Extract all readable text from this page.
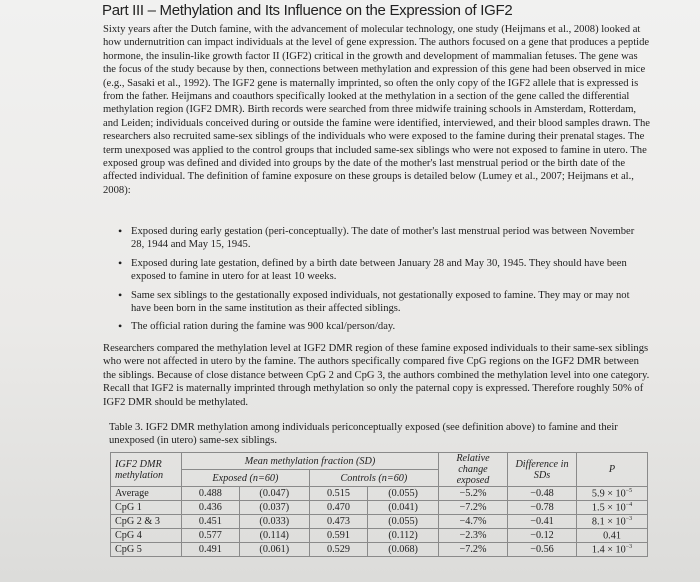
Part III – Methylation and Its Influence on the Expression of IGF2

Sixty years after the Dutch famine, with the advancement of molecular technology, one study (Heijmans et al., 2008) looked at how undernutrition can impact individuals at the level of gene expression. The authors focused on a gene that produces a peptide hormone, the insulin-like growth factor II (IGF2) critical in the growth and development of mammalian fetuses. The gene was the focus of the study because by then, connections between methylation and expression of this gene had been observed in mice (e.g., Sasaki et al., 1992). The IGF2 gene is maternally imprinted, so often the only copy of the IGF2 allele that is expressed is from the father. Heijmans and coauthors specifically looked at the methylation in a section of the gene called the differential methylation region (IGF2 DMR). Birth records were searched from three midwife training schools in Amsterdam, Rotterdam, and Leiden; individuals conceived during or outside the famine were identified, interviewed, and their blood samples drawn. The researchers also recruited same-sex siblings of the individuals who were exposed to the famine during their prenatal stages. The term unexposed was applied to the control groups that included same-sex siblings who were not exposed to famine in utero. The exposed group was defined and divided into groups by the date of the mother's last menstrual period or the birth date of the affected individual. The definition of famine exposure on these groups is detailed below (Lumey et al., 2007; Heijmans et al., 2008):

• Exposed during early gestation (peri-conceptually). The date of mother's last menstrual period was between November 28, 1944 and May 15, 1945.
• Exposed during late gestation, defined by a birth date between January 28 and May 30, 1945. They should have been exposed to famine in utero for at least 10 weeks.
• Same sex siblings to the gestationally exposed individuals, not gestationally exposed to famine. They may or may not have been born in the same institution as their affected siblings.
• The official ration during the famine was 900 kcal/person/day.

Researchers compared the methylation level at IGF2 DMR region of these famine exposed individuals to their same-sex siblings who were not affected in utero by the famine. The authors specifically compared five CpG regions on the IGF2 DMR between the siblings. Because of close distance between CpG 2 and CpG 3, the authors combined the methylation level into one category. Recall that IGF2 is maternally imprinted through methylation so only the paternal copy is expressed. Therefore roughly 50% of IGF2 DMR should be methylated.

Table 3. IGF2 DMR methylation among individuals periconceptually exposed (see definition above) to famine and their unexposed (in utero) same-sex siblings.

IGF2 DMR methylation	Mean methylation fraction (SD)				Relative change exposed	Difference in SDs	P
	Exposed (n=60)		Controls (n=60)				
Average	0.488	(0.047)	0.515	(0.055)	−5.2%	−0.48	$5.9 \times 10^{-5}$
CpG 1	0.436	(0.037)	0.470	(0.041)	−7.2%	−0.78	$1.5 \times 10^{-4}$
CpG 2 & 3	0.451	(0.033)	0.473	(0.055)	−4.7%	−0.41	$8.1 \times 10^{-3}$
CpG 4	0.577	(0.114)	0.591	(0.112)	−2.3%	−0.12	0.41
CpG 5	0.491	(0.061)	0.529	(0.068)	−7.2%	−0.56	$1.4 \times 10^{-3}$
